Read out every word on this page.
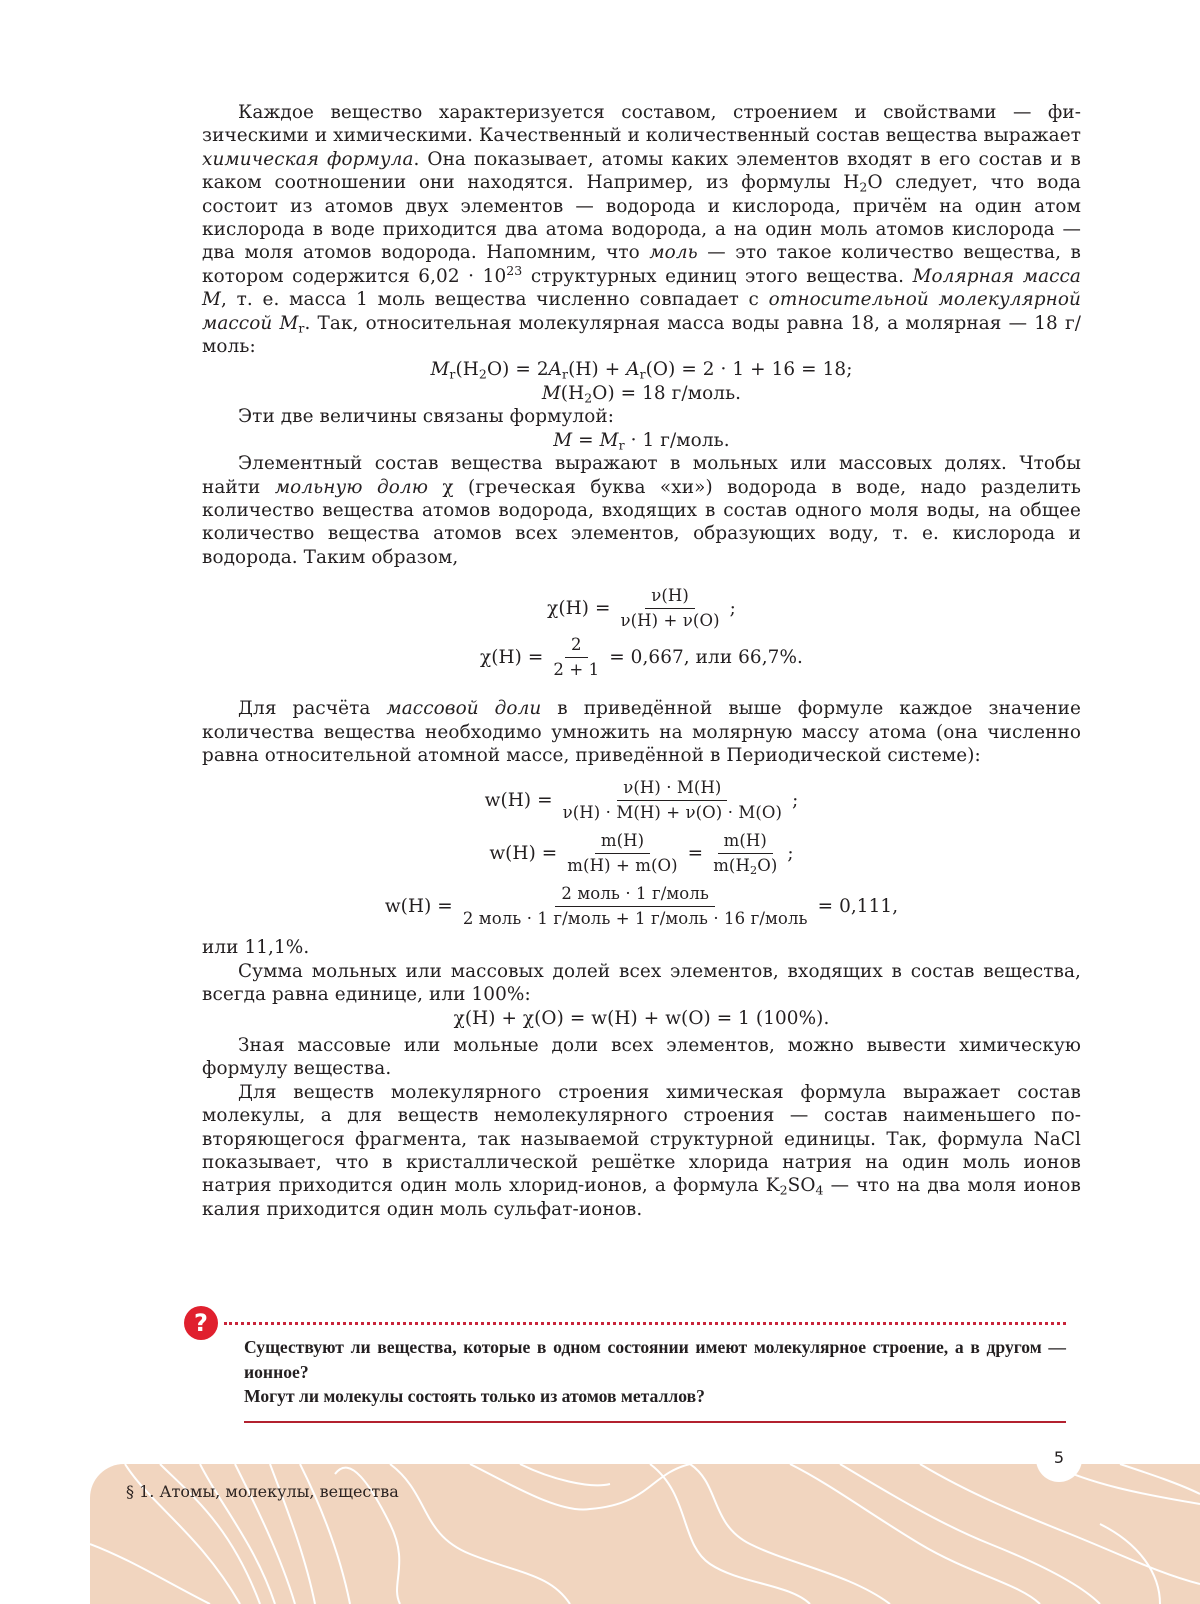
Каждое вещество характеризуется составом, строением и свойствами — физическими и химическими. Качественный и количественный состав вещества выражает химическая формула. Она показывает, атомы каких элементов входят в его состав и в каком соотношении они находятся. Например, из формулы $H_2O$ следует, что вода состоит из атомов двух элементов — водорода и кислорода, причём на один атом кислорода в воде приходится два атома водорода, а на один моль атомов кислорода — два моля атомов водорода. Напомним, что моль — это такое количество вещества, в котором содержится $6,02 \cdot 10^{23}$ структурных единиц этого вещества. Молярная масса M, т. е. масса 1 моль вещества численно совпадает с относительной молекулярной массой $M_r$. Так, относительная молекулярная масса воды равна 18, а молярная — 18 г/моль:

$M_r(H_2O) = 2A_r(H) + A_r(O) = 2 \cdot 1 + 16 = 18$;

$M(H_2O) = 18$ г/моль.

Эти две величины связаны формулой:

$M = M_r \cdot 1$ г/моль.

Элементный состав вещества выражают в мольных или массовых долях. Чтобы найти мольную долю χ (греческая буква «хи») водорода в воде, надо разделить количество вещества атомов водорода, входящих в состав одного моля воды, на общее количество вещества атомов всех элементов, образующих воду, т. е. кислорода и водорода. Таким образом,

$\chi(H) = \frac{\nu(H)}{\nu(H) + \nu(O)}$ ;
$\chi(H) = \frac{2}{2 + 1} = 0,667$, или 66,7%.

Для расчёта массовой доли в приведённой выше формуле каждое значение количества вещества необходимо умножить на молярную массу атома (она численно равна относительной атомной массе, приведённой в Периодической системе):

$w(H) = \frac{\nu(H) \cdot M(H)}{\nu(H) \cdot M(H) + \nu(O) \cdot M(O)}$ ;
$w(H) = \frac{m(H)}{m(H) + m(O)} = \frac{m(H)}{m(H_2O)}$ ;
$w(H) = \frac{\text{2 моль · 1 г/моль}}{\text{2 моль · 1 г/моль + 1 г/моль · 16 г/моль}} = 0,111$,

или 11,1%.

Сумма мольных или массовых долей всех элементов, входящих в состав вещества, всегда равна единице, или 100%:

χ(H) + χ(O) = w(H) + w(O) = 1 (100%).

Зная массовые или мольные доли всех элементов, можно вывести химическую формулу вещества.

Для веществ молекулярного строения химическая формула выражает состав молекулы, а для веществ немолекулярного строения — состав наименьшего повторяющегося фрагмента, так называемой структурной единицы. Так, формула NaCl показывает, что в кристаллической решётке хлорида натрия на один моль ионов натрия приходится один моль хлорид-ионов, а формула $K_2SO_4$ — что на два моля ионов калия приходится один моль сульфат-ионов.

?

Существуют ли вещества, которые в одном состоянии имеют молекулярное строение, а в другом — ионное?

Могут ли молекулы состоять только из атомов металлов?

§ 1. Атомы, молекулы, вещества
5
